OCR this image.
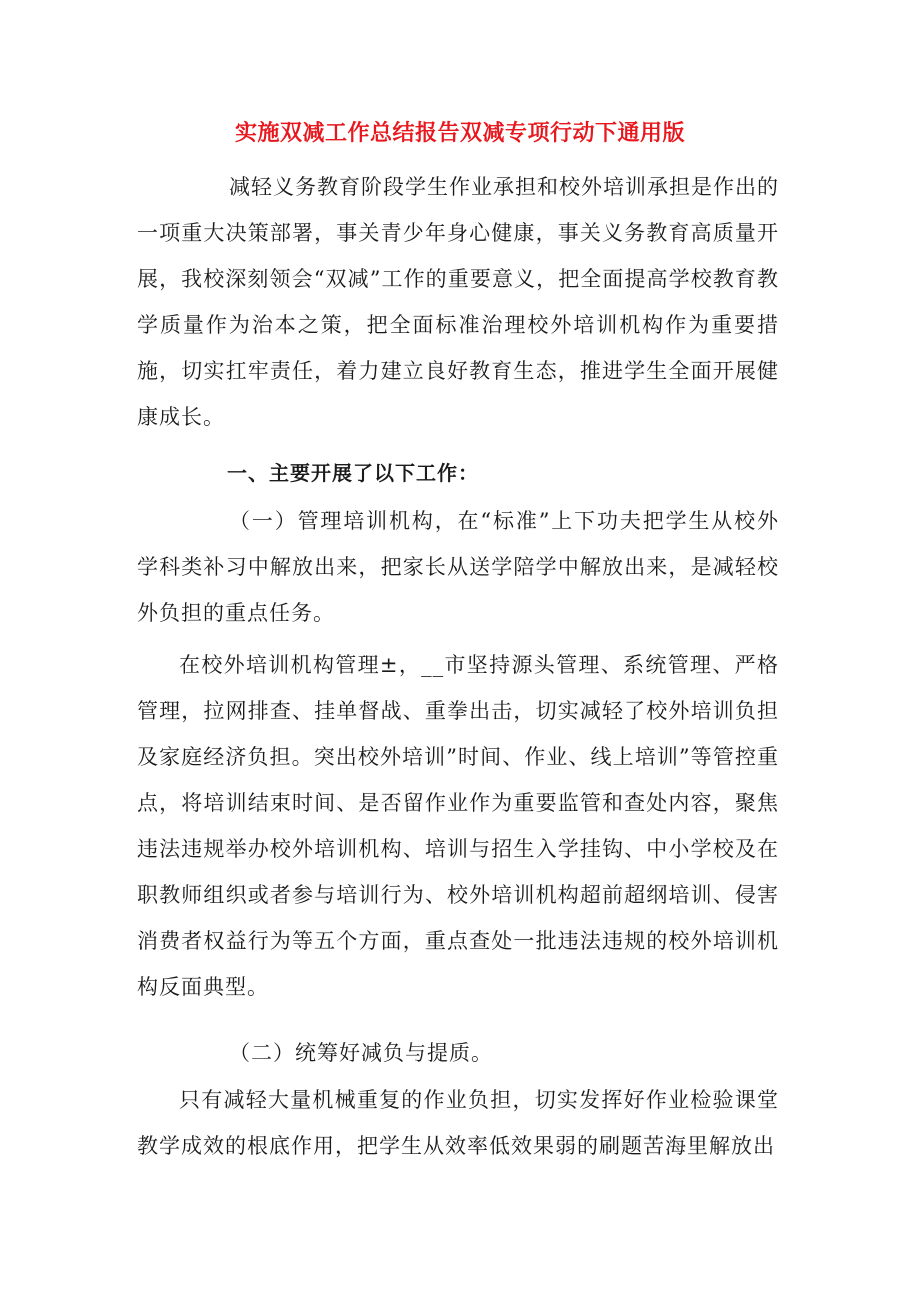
实施双减工作总结报告双减专项行动下通用版

减轻义务教育阶段学生作业承担和校外培训承担是作出的一项重大决策部署，事关青少年身心健康，事关义务教育高质量开展，我校深刻领会“双减”工作的重要意义，把全面提高学校教育教学质量作为治本之策，把全面标准治理校外培训机构作为重要措施，切实扛牢责任，着力建立良好教育生态，推进学生全面开展健康成长。

一、主要开展了以下工作：

（一）管理培训机构，在“标准”上下功夫把学生从校外学科类补习中解放出来，把家长从送学陪学中解放出来，是减轻校外负担的重点任务。

在校外培训机构管理±，__市坚持源头管理、系统管理、严格管理，拉网排查、挂单督战、重拳出击，切实减轻了校外培训负担及家庭经济负担。突出校外培训”时间、作业、线上培训”等管控重点，将培训结束时间、是否留作业作为重要监管和查处内容，聚焦违法违规举办校外培训机构、培训与招生入学挂钩、中小学校及在职教师组织或者参与培训行为、校外培训机构超前超纲培训、侵害消费者权益行为等五个方面，重点查处一批违法违规的校外培训机构反面典型。

（二）统筹好减负与提质。

只有减轻大量机械重复的作业负担，切实发挥好作业检验课堂教学成效的根底作用，把学生从效率低效果弱的刷题苦海里解放出
